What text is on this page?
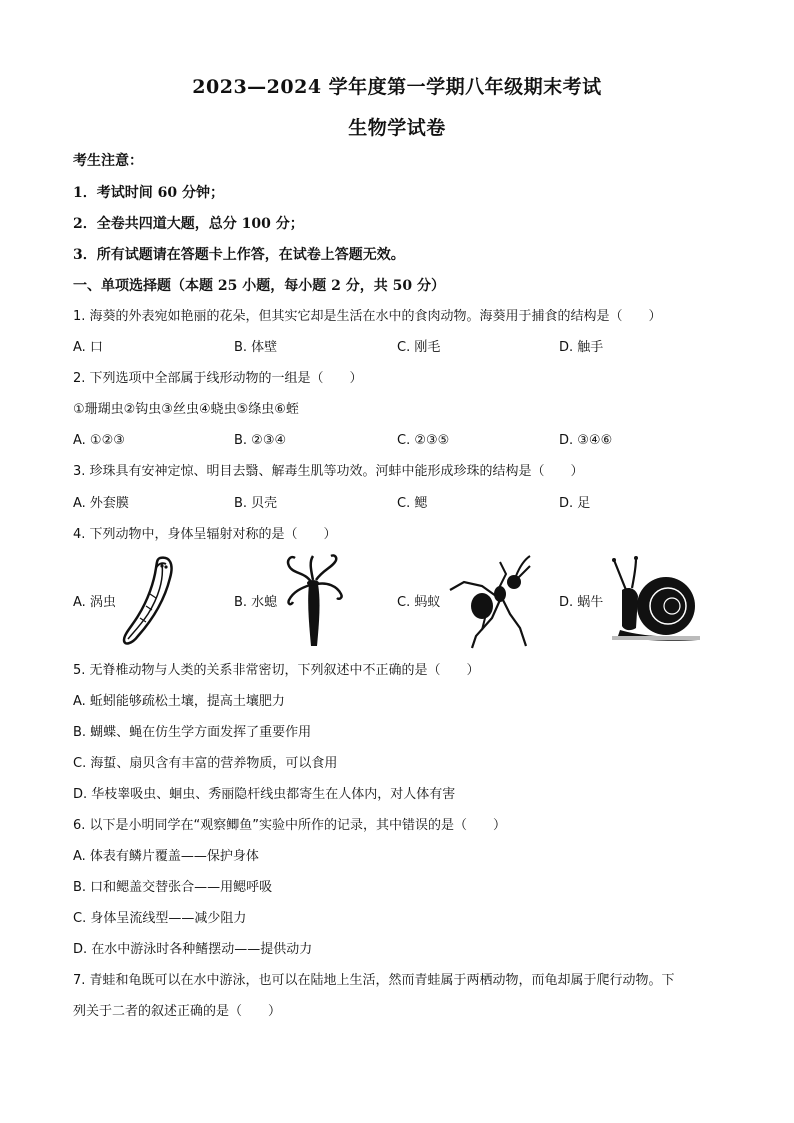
2023—2024 学年度第一学期八年级期末考试
生物学试卷
考生注意：
1．考试时间 60 分钟；
2．全卷共四道大题，总分 100 分；
3．所有试题请在答题卡上作答，在试卷上答题无效。
一、单项选择题（本题 25 小题，每小题 2 分，共 50 分）
1. 海葵的外表宛如艳丽的花朵，但其实它却是生活在水中的食肉动物。海葵用于捕食的结构是（　　）
A. 口	B. 体壁	C. 刚毛	D. 触手
2. 下列选项中全部属于线形动物的一组是（　　）
①珊瑚虫②钩虫③丝虫④蛲虫⑤绦虫⑥蛭
A. ①②③	B. ②③④	C. ②③⑤	D. ③④⑥
3. 珍珠具有安神定惊、明目去翳、解毒生肌等功效。河蚌中能形成珍珠的结构是（　　）
A. 外套膜	B. 贝壳	C. 鳃	D. 足
4. 下列动物中，身体呈辐射对称的是（　　）
A. 涡虫	B. 水螅	C. 蚂蚁	D. 蜗牛
5. 无脊椎动物与人类的关系非常密切，下列叙述中不正确的是（　　）
A. 蚯蚓能够疏松土壤，提高土壤肥力
B. 蝴蝶、蝇在仿生学方面发挥了重要作用
C. 海蜇、扇贝含有丰富的营养物质，可以食用
D. 华枝睾吸虫、蛔虫、秀丽隐杆线虫都寄生在人体内，对人体有害
6. 以下是小明同学在“观察鲫鱼”实验中所作的记录，其中错误的是（　　）
A. 体表有鳞片覆盖——保护身体
B. 口和鳃盖交替张合——用鳃呼吸
C. 身体呈流线型——减少阻力
D. 在水中游泳时各种鳍摆动——提供动力
7. 青蛙和龟既可以在水中游泳，也可以在陆地上生活，然而青蛙属于两栖动物，而龟却属于爬行动物。下
列关于二者的叙述正确的是（　　）
